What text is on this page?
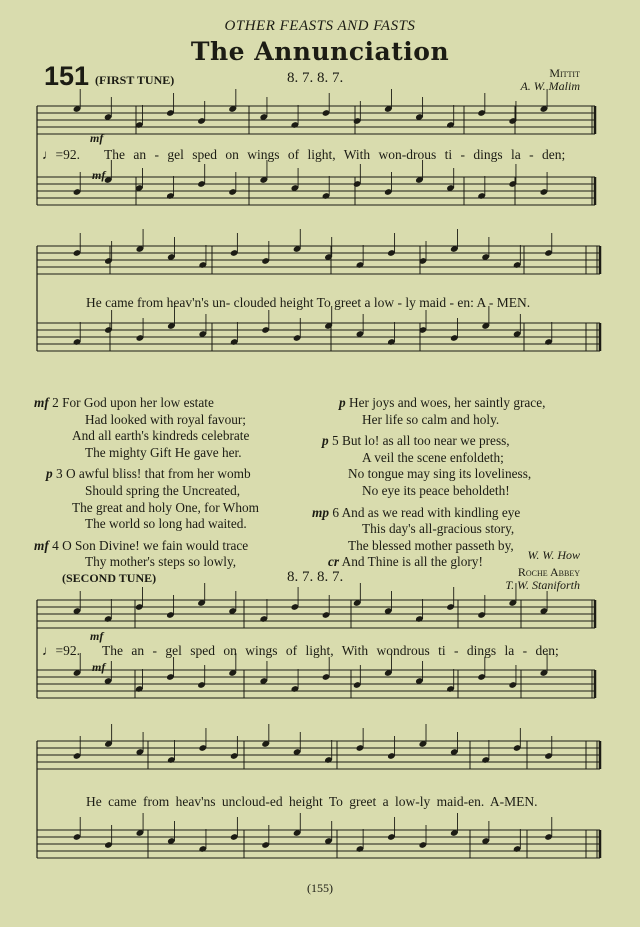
OTHER FEASTS AND FASTS
The Annunciation
151 (FIRST TUNE)	8. 7. 8. 7.	Mittit
A. W. Malim
mf
♩=92. The an - gel sped on wings of light, With won-drous ti - dings la - den;
mf
He came from heav'n's un- clouded height To greet a low - ly maid - en: A - MEN.
mf 2 For God upon her low estate
Had looked with royal favour;
And all earth's kindreds celebrate
The mighty Gift He gave her.
p 3 O awful bliss! that from her womb
Should spring the Uncreated,
The great and holy One, for Whom
The world so long had waited.
mf 4 O Son Divine! we fain would trace
Thy mother's steps so lowly,
p Her joys and woes, her saintly grace,
Her life so calm and holy.
p 5 But lo! as all too near we press,
A veil the scene enfoldeth;
No tongue may sing its loveliness,
No eye its peace beholdeth!
mp 6 And as we read with kindling eye
This day's all-gracious story,
The blessed mother passeth by,
cr And Thine is all the glory!	W. W. How
(SECOND TUNE)	8. 7. 8. 7.	Roche Abbey
T. W. Staniforth
mf
♩=92. The an - gel sped on wings of light, With wondrous ti - dings la - den;
mf
He came from heav'ns uncloud-ed height To greet a low-ly maid-en. A-MEN.
(155)
